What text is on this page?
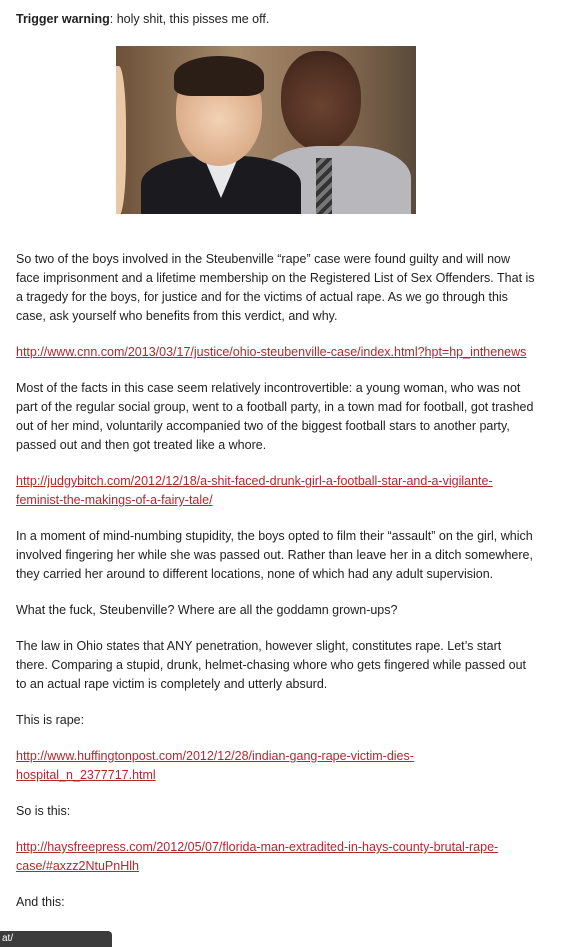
Trigger warning: holy shit, this pisses me off.

So two of the boys involved in the Steubenville “rape” case were found guilty and will now face imprisonment and a lifetime membership on the Registered List of Sex Offenders. That is a tragedy for the boys, for justice and for the victims of actual rape. As we go through this case, ask yourself who benefits from this verdict, and why.

http://www.cnn.com/2013/03/17/justice/ohio-steubenville-case/index.html?hpt=hp_inthenews

Most of the facts in this case seem relatively incontrovertible: a young woman, who was not part of the regular social group, went to a football party, in a town mad for football, got trashed out of her mind, voluntarily accompanied two of the biggest football stars to another party, passed out and then got treated like a whore.

http://judgybitch.com/2012/12/18/a-shit-faced-drunk-girl-a-football-star-and-a-vigilante-feminist-the-makings-of-a-fairy-tale/

In a moment of mind-numbing stupidity, the boys opted to film their “assault” on the girl, which involved fingering her while she was passed out. Rather than leave her in a ditch somewhere, they carried her around to different locations, none of which had any adult supervision.

What the fuck, Steubenville? Where are all the goddamn grown-ups?

The law in Ohio states that ANY penetration, however slight, constitutes rape. Let’s start there. Comparing a stupid, drunk, helmet-chasing whore who gets fingered while passed out to an actual rape victim is completely and utterly absurd.

This is rape:

http://www.huffingtonpost.com/2012/12/28/indian-gang-rape-victim-dies-hospital_n_2377717.html

So is this:

http://haysfreepress.com/2012/05/07/florida-man-extradited-in-hays-county-brutal-rape-case/#axzz2NtuPnHlh

And this:

at/
